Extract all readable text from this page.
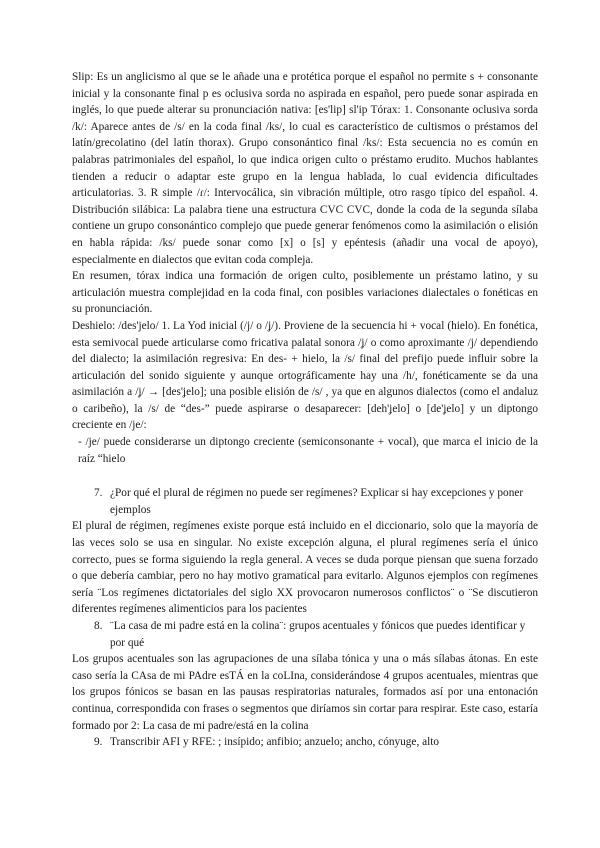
Slip: Es un anglicismo al que se le añade una e protética porque el español no permite s + consonante inicial y la consonante final p es oclusiva sorda no aspirada en español, pero puede sonar aspirada en inglés, lo que puede alterar su pronunciación nativa: [es'lip] sl'ip Tórax: 1. Consonante oclusiva sorda /k/: Aparece antes de /s/ en la coda final /ks/, lo cual es característico de cultismos o préstamos del latín/grecolatino (del latín thorax). Grupo consonántico final /ks/: Esta secuencia no es común en palabras patrimoniales del español, lo que indica origen culto o préstamo erudito. Muchos hablantes tienden a reducir o adaptar este grupo en la lengua hablada, lo cual evidencia dificultades articulatorias. 3. R simple /ɾ/: Intervocálica, sin vibración múltiple, otro rasgo típico del español. 4. Distribución silábica: La palabra tiene una estructura CVC CVC, donde la coda de la segunda sílaba contiene un grupo consonántico complejo que puede generar fenómenos como la asimilación o elisión en habla rápida: /ks/ puede sonar como [x] o [s] y epéntesis (añadir una vocal de apoyo), especialmente en dialectos que evitan coda compleja.

En resumen, tórax indica una formación de origen culto, posiblemente un préstamo latino, y su articulación muestra complejidad en la coda final, con posibles variaciones dialectales o fonéticas en su pronunciación.

Deshielo: /des'jelo/ 1. La Yod inicial (/j/ o /ʝ/). Proviene de la secuencia hi + vocal (hielo). En fonética, esta semivocal puede articularse como fricativa palatal sonora /ʝ/ o como aproximante /j/ dependiendo del dialecto; la asimilación regresiva: En des- + hielo, la /s/ final del prefijo puede influir sobre la articulación del sonido siguiente y aunque ortográficamente hay una /h/, fonéticamente se da una asimilación a /ʝ/ → [des'ʝelo]; una posible elisión de /s/ , ya que en algunos dialectos (como el andaluz o caribeño), la /s/ de “des-” puede aspirarse o desaparecer: [deh'ʝelo] o [de'ʝelo] y un diptongo creciente en /je/:

- /je/ puede considerarse un diptongo creciente (semiconsonante + vocal), que marca el inicio de la raíz “hielo

7. ¿Por qué el plural de régimen no puede ser regímenes? Explicar si hay excepciones y poner ejemplos

El plural de régimen, regímenes existe porque está incluido en el diccionario, solo que la mayoría de las veces solo se usa en singular. No existe excepción alguna, el plural regímenes sería el único correcto, pues se forma siguiendo la regla general. A veces se duda porque piensan que suena forzado o que debería cambiar, pero no hay motivo gramatical para evitarlo. Algunos ejemplos con regímenes sería ¨Los regímenes dictatoriales del siglo XX provocaron numerosos conflictos¨ o ¨Se discutieron diferentes regímenes alimenticios para los pacientes

8. ¨La casa de mi padre está en la colina¨: grupos acentuales y fónicos que puedes identificar y por qué

Los grupos acentuales son las agrupaciones de una sílaba tónica y una o más sílabas átonas. En este caso sería la CAsa de mi PAdre esTÁ en la coLIna, considerándose 4 grupos acentuales, mientras que los grupos fónicos se basan en las pausas respiratorias naturales, formados así por una entonación continua, correspondida con frases o segmentos que diríamos sin cortar para respirar. Este caso, estaría formado por 2: La casa de mi padre/está en la colina

9. Transcribir AFI y RFE: ; insípido; anfibio; anzuelo; ancho, cónyuge, alto
